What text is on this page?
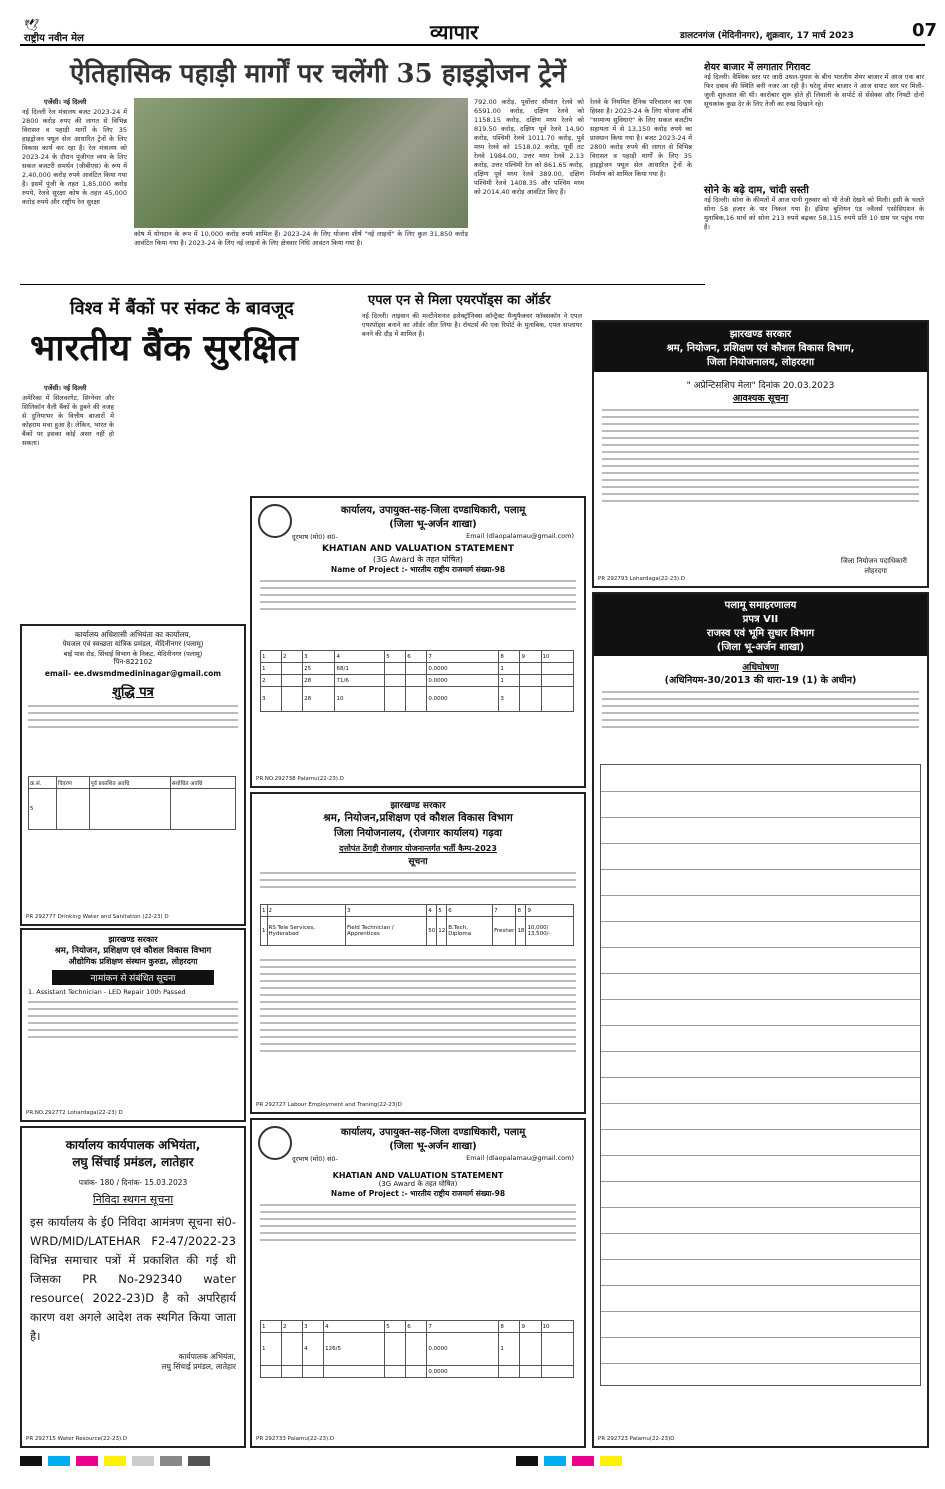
🕊
राष्ट्रीय नवीन मेल	व्यापार	डालटनगंज (मेदिनीनगर), शुक्रवार, 17 मार्च 2023	07
ऐतिहासिक पहाड़ी मार्गों पर चलेंगी 35 हाइड्रोजन ट्रेनें
एजेंसी। नई दिल्ली
नई दिल्ली रेल मंत्रालय बजट 2023-24 में 2800 करोड़ रुपए की लागत से विभिन्न विरासत व पहाड़ी मार्गों के लिए 35 हाइड्रोजन फ्यूल सेल आधारित ट्रेनों के लिए विकास कार्य कर रहा है। रेल मंत्रालय को 2023-24 के दौरान पूंजीगत व्यय के लिए सकल बजटरी समर्थन (जीबीएस) के रूप में 2,40,000 करोड़ रुपये आवंटित किया गया है। इसमें पूंजी के तहत 1,85,000 करोड़ रुपये, रेलवे सुरक्षा कोष के तहत 45,000 करोड़ रुपये और राष्ट्रीय रेल सुरक्षा
कोष में योगदान के रूप में 10,000 करोड़ रुपये शामिल हैं। 2023-24 के लिए योजना शीर्ष "नई लाइनों" के लिए कुल 31,850 करोड़ आवंटित किया गया है। 2023-24 के लिए नई लाइनों के लिए क्षेत्रवार निधि आवंटन किया गया है।
792.00 करोड़, पूर्वोत्तर सीमांत रेलवे को 6591.00 करोड़, दक्षिण रेलवे को 1158.15 करोड़, दक्षिण मध्य रेलवे को 819.50 करोड़, दक्षिण पूर्व रेलवे 14.90 करोड़, पश्चिमी रेलवे 1011.70 करोड़, पूर्व मध्य रेलवे को 1518.02 करोड़, पूर्वी तट रेलवे 1984.00, उत्तर मध्य रेलवे 2.13 करोड़, उत्तर पश्चिमी रेल को 861.65 करोड़, दक्षिण पूर्व मध्य रेलवे 389.00, दक्षिण पश्चिमी रेलवे 1408.35 और पश्चिम मध्य को 2014.40 करोड़ आवंटित किए हैं।
रेलवे के नियमित दैनिक परिचालन का एक हिस्सा है। 2023-24 के लिए योजना शीर्ष "सामान्य सुविधाएं" के लिए सकल बजटीय सहायता में से 13,150 करोड़ रुपये का प्रावधान किया गया है। बजट 2023-24 में 2800 करोड़ रुपये की लागत से विभिन्न विरासत व पहाड़ी मार्गों के लिए 35 हाइड्रोजन फ्यूल सेल आधारित ट्रेनों के निर्माण को शामिल किया गया है।
शेयर बाजार में लगातार गिरावट
नई दिल्ली। वैश्विक स्तर पर जारी उथल-पुथल के बीच भारतीय शेयर बाजार में आज एक बार फिर दबाव की स्थिति बनी नजर आ रही है। घरेलू शेयर बाजार ने आज सपाट स्तर पर मिली-जुली शुरुआत की थी। कारोबार शुरू होते ही लिवाली के सपोर्ट से सेंसेक्स और निफ्टी दोनों सूचकांक कुछ देर के लिए तेजी का रुख दिखाने रहे।
सोने के बढ़े दाम, चांदी सस्ती
नई दिल्ली। सोना के कीमतों में आज यानी गुरुवार को भी तेजी देखने को मिली। इसी के चलते सोना 58 हजार के पार निकल गया है। इंडिया बुलियन एंड ज्वैलर्स एसोसिएशन के मुताबिक,16 मार्च को सोना 213 रुपये बढ़कर 58,115 रुपये प्रति 10 ग्राम पर पहुंच गया है।
विश्व में बैंकों पर संकट के बावजूद
भारतीय बैंक सुरक्षित
एजेंसी। नई दिल्ली
अमेरिका में सिलवरगेट, सिग्नेचर और सिलिकॉन वैली बैंकों के डूबने की वजह से दुनियाभर के वित्तीय बाजारों में कोहराम मचा हुआ है। लेकिन, भारत के बैंकों पर इसका कोई असर नहीं हो सकता।
एपल एन से मिला एयरपॉड्स का ऑर्डर
नई दिल्ली। ताइवान की मल्टीनेशनल इलेक्ट्रॉनिक्स कॉन्ट्रैक्ट मैन्युफैक्चर फॉक्सकॉन ने एपल एयरपॉड्स बनाने का ऑर्डर जीत लिया है। रॉयटर्स की एक रिपोर्ट के मुताबिक, एपल सप्लायर बनने की दौड़ में शामिल है।
कार्यालय अधिशासी अभियंता का कार्यालय,
पेयजल एवं स्वच्छता यांत्रिक प्रमंडल, मेदिनीनगर (पलामू)
बाई पास रोड, सिंचाई विभाग के निकट, मेदिनीनगर (पलामू)
पिन-822102
email- ee.dwsmdmedininagar@gmail.com
शुद्धि पत्र
क्र.सं.	विवरण	पूर्व प्रकाशित अवधि	संशोधित अवधि
5			
PR 292777 Drinking Water and Sanitation (22-23) D
झारखण्ड सरकार
श्रम, नियोजन, प्रशिक्षण एवं कौशल विकास विभाग
औद्योगिक प्रशिक्षण संस्थान कुरुडा, लोहरदगा
नामांकन से संबंधित सूचना
1. Assistant Technician - LED Repair 10th Passed
PR.NO.292772 Lohardaga(22-23) D
कार्यालय कार्यपालक अभियंता,
लघु सिंचाई प्रमंडल, लातेहार
पत्रांक- 180 / दिनांक- 15.03.2023
निविदा स्थगन सूचना
इस कार्यालय के ई0 निविदा आमंत्रण सूचना सं0-WRD/MID/LATEHAR F2-47/2022-23 विभिन्न समाचार पत्रों में प्रकाशित की गई थी जिसका PR No-292340 water resource( 2022-23)D है को अपरिहार्य कारण वश अगले आदेश तक स्थगित किया जाता है।
कार्यपालक अभियंता,
लघु सिंचाई प्रमंडल, लातेहार
PR 292715 Water Resource(22-23).D
कार्यालय, उपायुक्त-सह-जिला दण्डाधिकारी, पलामू
(जिला भू-अर्जन शाखा)
दूरभाष (मो0) सं0-	Email (dlaopalamau@gmail.com)
KHATIAN AND VALUATION STATEMENT
(3G Award के तहत घोषित)
Name of Project :- भारतीय राष्ट्रीय राजमार्ग संख्या-98
1	2	3	4	5	6	7	8	9	10
1		25	68/1			0.0000	1		
2		28	71/6			0.0000	1		
3		28	10			0.0000	3		
PR.NO.292738 Palamu(22-23).D
झारखण्ड सरकार
श्रम, नियोजन,प्रशिक्षण एवं कौशल विकास विभाग
जिला नियोजनालय, (रोजगार कार्यालय) गढ़वा
दत्तोपंत ठेंगड़ी रोजगार योजनान्तर्गत भर्ती कैम्प-2023
सूचना
1	2	3	4	5	6	7	8	9
1	RS Tele Services, Hyderabad	Field Technician / Apprentices	50	12	B.Tech, Diploma	Fresher	18	10,000/ 13,500/-
PR 292727 Labour Employment and Traning(22-23)D
कार्यालय, उपायुक्त-सह-जिला दण्डाधिकारी, पलामू
(जिला भू-अर्जन शाखा)
दूरभाष (मो0) सं0-	Email (dlaopalamau@gmail.com)
KHATIAN AND VALUATION STATEMENT
(3G Award के तहत घोषित)
Name of Project :- भारतीय राष्ट्रीय राजमार्ग संख्या-98
1	2	3	4	5	6	7	8	9	10
1		4	126/5			0.0000	1		
						0.0000			
PR 292733 Palamu(22-23).D
झारखण्ड सरकार
श्रम, नियोजन, प्रशिक्षण एवं कौशल विकास विभाग,
जिला नियोजनालय, लोहरदगा
" अप्रेन्टिसशिप मेला" दिनांक 20.03.2023
आवश्यक सूचना
जिला नियोजन पदाधिकारी
लोहरदगा
PR 292793 Lohardaga(22-23).D
पलामू समाहरणालय
प्रपत्र VII
राजस्व एवं भूमि सुधार विभाग
(जिला भू-अर्जन शाखा)
अधिघोषणा
(अधिनियम-30/2013 की धारा-19 (1) के अधीन)
PR 292723 Palamu(22-23)D
